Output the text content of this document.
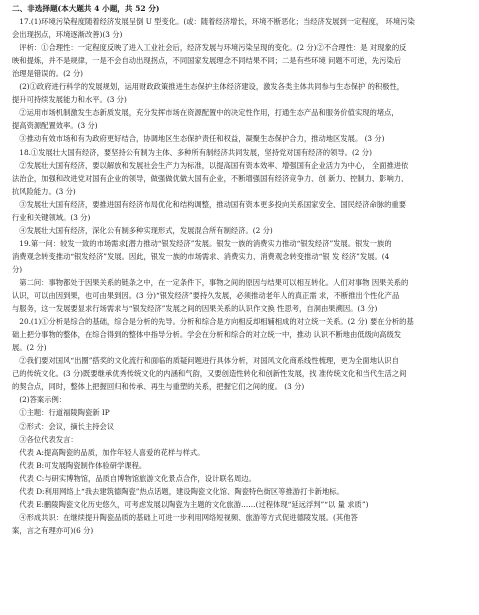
二、非选择题(本大题共 4 小题，共 52 分)
　17.(1)环境污染程度随着经济发展呈倒 U 型变化。(或：随着经济增长，环境不断恶化；当经济发展到一定程度， 环境污染
会出现拐点，环境逐渐改善)(3 分)
　评析：①合理性：一定程度反映了进入工业社会后，经济发展与环境污染呈现的变化。(2 分)②不合理性：是 对现象的反
映和提炼，并不是规律，一是不会自动出现拐点，不同国家发展理念不同结果不同；二是有些环境 问题不可逆，先污染后
治理是错误的。(2 分)
　(2)①政府进行科学的发展规划，运用财政政策推进生态保护主体经济建设，激发各类主体共同参与生态保护 的积极性，
提升可持续发展能力和水平。(3 分)
　②运用市场机制激发生态新质发展，充分发挥市场在资源配置中的决定性作用，打通生态产品和服务价值实现的堵点，
提高资源配置效率。(3 分)
　③推动有效市场和有为政府更好结合，协调地区生态保护责任和权益，凝聚生态保护合力，推动地区发展。 (3 分)
　18.①发展壮大国有经济，要坚持公有制为主体、多种所有制经济共同发展，坚持党对国有经济的领导。(2 分)
　②发展壮大国有经济，要以解放和发展社会生产力为标准，以提高国有资本效率、增强国有企业活力为中心， 全面推进依
法治企，加强和改进党对国有企业的领导，做强做优做大国有企业，不断增强国有经济竞争力、创 新力、控制力、影响力、
抗风险能力。(3 分)
　③发展壮大国有经济，要推进国有经济布局优化和结构调整，推动国有资本更多投向关系国家安全、国民经济命脉的重要
行业和关键领域。(3 分)
　④发展壮大国有经济，深化公有制多种实现形式，发展混合所有制经济。(2 分)
　19.第一问：较发一致的市场需求[潜力推动“银发经济”发展。银发一族的消费实力推动“银发经济”发展。银发一族的
消费观念转变推动“银发经济”发展。因此，银发一族的市场需求、消费实力、消费观念转变推动“银 发 经济”发展。(4
分)
　第二问：事物都处于因果关系的链条之中，在一定条件下，事物之间的原因与结果可以相互转化。人们对事物 因果关系的
认识，可以由因到果，也可由果到因。(3 分)“银发经济”要持久发展，必须推动老年人的真正需 求，不断推出个性化产品
与服务，这一发展要显求行场需求与“银发经济”发展之间的因果关系的认识作文换 性思考，自洞由果溯因。(3 分)
　20.(1)①分析是综合的基础，综合是分析的先导。分析和综合是方向相反却相辅相成的对立统一关系。(2 分) 要在分析的基
础上把分事物的整体，在综合得到的整体中指导分析。学会在分析和综合的对立统一中，推动 认识不断地由低级向高级发
展。(2 分)
　②我们要对国风“出圈”搭奖的文化流行和面临的质疑问题进行具体分析，对国风文化商系线性梳理，更为全面地认识自
己的传统文化。(3 分)既要继承优秀传统文化的内涵和气韵，又要创造性转化和创新性发展，找 准传统文化和当代生活之间
的契合点，同时，整体上把握回归和传承、再生与重塑的关系，把握它们之间的度。 (3 分)
　(2)答案示例：
　①主题：行道福陵陶瓷新 IP
　②形式：会议，摘长主持会议
　③各位代表发言：
　代表 A:提高陶瓷的品质，加作年轻人喜爱的花样与样式。
　代表 B:可发展陶瓷制作体验研学课程。
　代表 C:与研实博物馆，品质自博物馆旅游文化景点合作，设计联名周边。
　代表 D:利用网络上“我去建筑德陶瓷”热点话题，建设陶瓷文化馆、陶瓷特色街区等推游打卡新地标。
　代表 E:鹏陵陶瓷文化历史悠久，可考虑发展以陶瓷为主题的文化旅游……(过程体现“延远浮判”“以 量 求质”)
　④形成共识：在继续提升陶瓷品质的基础上可进一步利用网络短视频、旅游等方式促进德陵发展。(其他答
案，言之有理亦可)(6 分)
